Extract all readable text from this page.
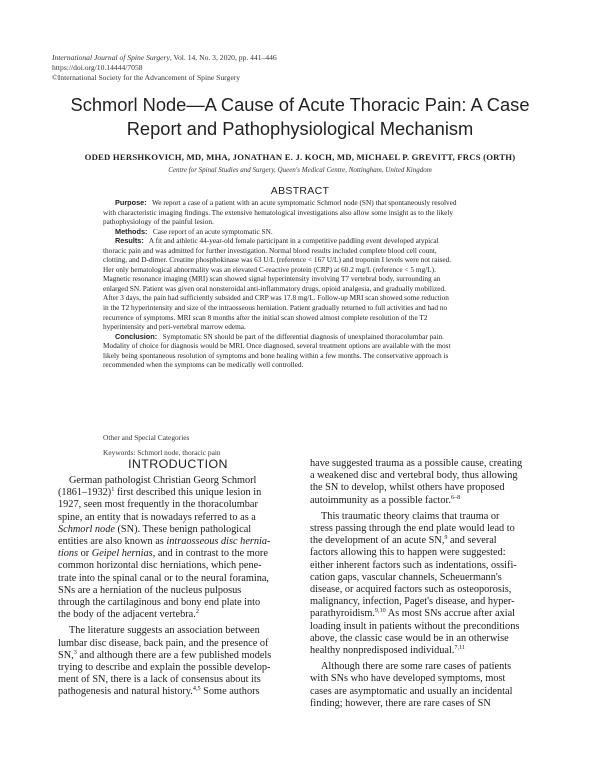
International Journal of Spine Surgery, Vol. 14, No. 3, 2020, pp. 441–446
https://doi.org/10.14444/7058
©International Society for the Advancement of Spine Surgery
Schmorl Node—A Cause of Acute Thoracic Pain: A Case
Report and Pathophysiological Mechanism
ODED HERSHKOVICH, MD, MHA, JONATHAN E. J. KOCH, MD, MICHAEL P. GREVITT, FRCS (ORTH)
Centre for Spinal Studies and Surgery, Queen's Medical Centre, Nottingham, United Kingdom
ABSTRACT
Purpose: We report a case of a patient with an acute symptomatic Schmorl node (SN) that spontaneously resolved
with characteristic imaging findings. The extensive hematological investigations also allow some insight as to the likely
pathophysiology of the painful lesion.
Methods: Case report of an acute symptomatic SN.
Results: A fit and athletic 44-year-old female participant in a competitive paddling event developed atypical
thoracic pain and was admitted for further investigation. Normal blood results included complete blood cell count,
clotting, and D-dimer. Creatine phosphokinase was 63 U/L (reference < 167 U/L) and troponin I levels were not raised.
Her only hematological abnormality was an elevated C-reactive protein (CRP) at 60.2 mg/L (reference < 5 mg/L).
Magnetic resonance imaging (MRI) scan showed signal hyperintensity involving T7 vertebral body, surrounding an
enlarged SN. Patient was given oral nonsteroidal anti-inflammatory drugs, opioid analgesia, and gradually mobilized.
After 3 days, the pain had sufficiently subsided and CRP was 17.8 mg/L. Follow-up MRI scan showed some reduction
in the T2 hyperintensity and size of the intraosseous herniation. Patient gradually returned to full activities and had no
recurrence of symptoms. MRI scan 8 months after the initial scan showed almost complete resolution of the T2
hyperintensity and peri-vertebral marrow edema.
Conclusion: Symptomatic SN should be part of the differential diagnosis of unexplained thoracolumbar pain.
Modality of choice for diagnosis would be MRI. Once diagnosed, several treatment options are available with the most
likely being spontaneous resolution of symptoms and bone healing within a few months. The conservative approach is
recommended when the symptoms can be medically well controlled.
Other and Special Categories
Keywords: Schmorl node, thoracic pain
INTRODUCTION
German pathologist Christian Georg Schmorl
(1861–1932)$^1$ first described this unique lesion in
1927, seen most frequently in the thoracolumbar
spine, an entity that is nowadays referred to as a
Schmorl node (SN). These benign pathological
entities are also known as intraosseous disc hernia-
tions or Geipel hernias, and in contrast to the more
common horizontal disc herniations, which pene-
trate into the spinal canal or to the neural foramina,
SNs are a herniation of the nucleus pulposus
through the cartilaginous and bony end plate into
the body of the adjacent vertebra.$^2$
The literature suggests an association between
lumbar disc disease, back pain, and the presence of
SN,$^3$ and although there are a few published models
trying to describe and explain the possible develop-
ment of SN, there is a lack of consensus about its
pathogenesis and natural history.$^{4,5}$ Some authors
have suggested trauma as a possible cause, creating
a weakened disc and vertebral body, thus allowing
the SN to develop, whilst others have proposed
autoimmunity as a possible factor.$^{6-8}$
This traumatic theory claims that trauma or
stress passing through the end plate would lead to
the development of an acute SN,$^9$ and several
factors allowing this to happen were suggested:
either inherent factors such as indentations, ossifi-
cation gaps, vascular channels, Scheuermann's
disease, or acquired factors such as osteoporosis,
malignancy, infection, Paget's disease, and hyper-
parathyroidism.$^{9,10}$ As most SNs accrue after axial
loading insult in patients without the preconditions
above, the classic case would be in an otherwise
healthy nonpredisposed individual.$^{7,11}$
Although there are some rare cases of patients
with SNs who have developed symptoms, most
cases are asymptomatic and usually an incidental
finding; however, there are rare cases of SN
